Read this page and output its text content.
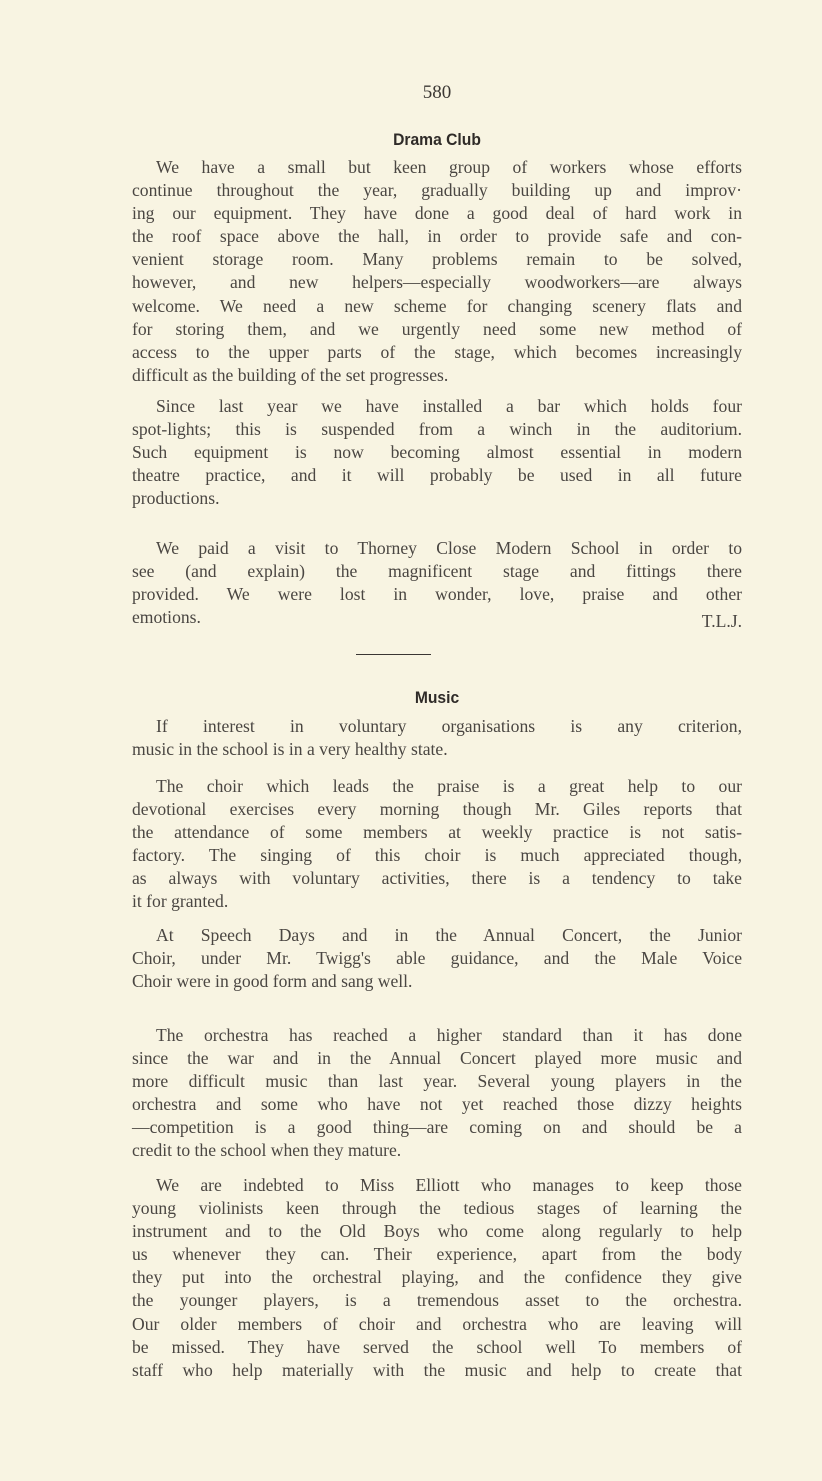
580
Drama Club
We have a small but keen group of workers whose efforts
continue throughout the year, gradually building up and improv·
ing our equipment. They have done a good deal of hard work in
the roof space above the hall, in order to provide safe and con-
venient storage room. Many problems remain to be solved,
however, and new helpers—especially woodworkers—are always
welcome. We need a new scheme for changing scenery flats and
for storing them, and we urgently need some new method of
access to the upper parts of the stage, which becomes increasingly
difficult as the building of the set progresses.
Since last year we have installed a bar which holds four
spot-lights; this is suspended from a winch in the auditorium.
Such equipment is now becoming almost essential in modern
theatre practice, and it will probably be used in all future
productions.
We paid a visit to Thorney Close Modern School in order to
see (and explain) the magnificent stage and fittings there
provided. We were lost in wonder, love, praise and other
emotions.	T.L.J.
Music
If interest in voluntary organisations is any criterion,
music in the school is in a very healthy state.
The choir which leads the praise is a great help to our
devotional exercises every morning though Mr. Giles reports that
the attendance of some members at weekly practice is not satis-
factory. The singing of this choir is much appreciated though,
as always with voluntary activities, there is a tendency to take
it for granted.
At Speech Days and in the Annual Concert, the Junior
Choir, under Mr. Twigg's able guidance, and the Male Voice
Choir were in good form and sang well.
The orchestra has reached a higher standard than it has done
since the war and in the Annual Concert played more music and
more difficult music than last year. Several young players in the
orchestra and some who have not yet reached those dizzy heights
—competition is a good thing—are coming on and should be a
credit to the school when they mature.
We are indebted to Miss Elliott who manages to keep those
young violinists keen through the tedious stages of learning the
instrument and to the Old Boys who come along regularly to help
us whenever they can. Their experience, apart from the body
they put into the orchestral playing, and the confidence they give
the younger players, is a tremendous asset to the orchestra.
Our older members of choir and orchestra who are leaving will
be missed. They have served the school well To members of
staff who help materially with the music and help to create that
